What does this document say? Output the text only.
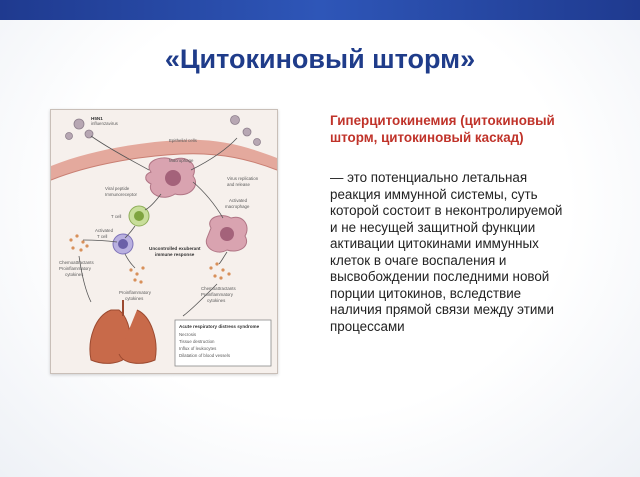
«Цитокиновый шторм»
H5N1
influenzavirus
Epithelial cells
Macrophage
Viral peptide
Immunoreceptor
Virus replication
and release
T cell
Activated
T cell
Activated
macrophage
Uncontrolled exuberant
immune response
Chemoattractants
Proinflammatory
cytokines
Proinflammatory
cytokines
Chemoattractants
Proinflammatory
cytokines
Acute respiratory distress syndrome
Necrosis
Tissue destruction
Influx of leukocytes
Dilatation of blood vessels
Гиперцитокинемия (цитокиновый
шторм, цитокиновый каскад)
— это потенциально летальная
реакция иммунной системы, суть
которой состоит в неконтролируемой
и не несущей защитной функции
активации цитокинами иммунных
клеток в очаге воспаления и
высвобождении последними новой
порции цитокинов, вследствие
наличия прямой связи между этими
процессами
